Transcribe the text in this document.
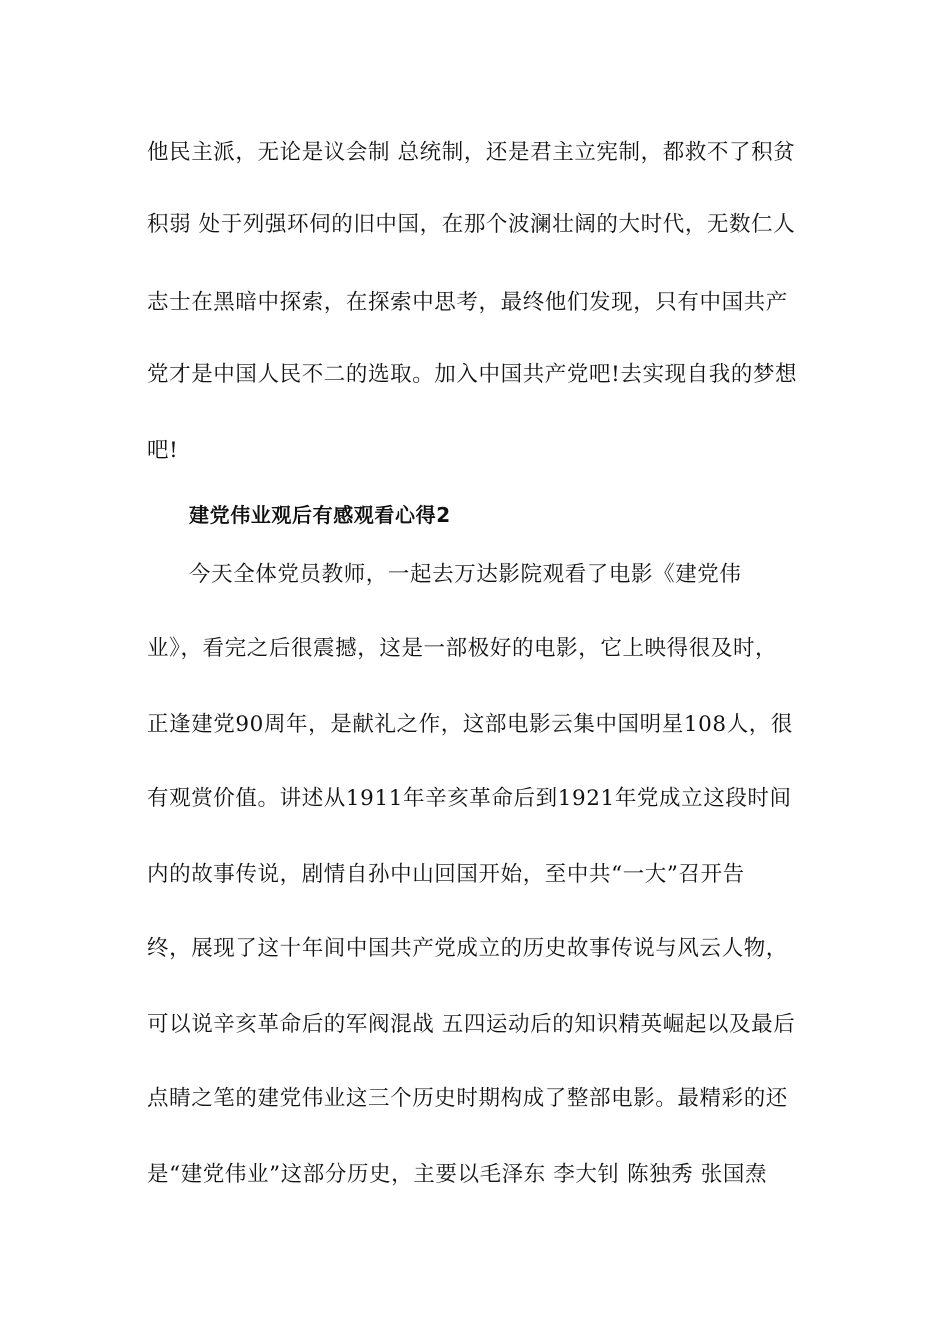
他民主派，无论是议会制 总统制，还是君主立宪制，都救不了积贫
积弱 处于列强环伺的旧中国，在那个波澜壮阔的大时代，无数仁人
志士在黑暗中探索，在探索中思考，最终他们发现，只有中国共产
党才是中国人民不二的选取。加入中国共产党吧!去实现自我的梦想
吧!
建党伟业观后有感观看心得2
今天全体党员教师，一起去万达影院观看了电影《建党伟
业》，看完之后很震撼，这是一部极好的电影，它上映得很及时，
正逢建党90周年，是献礼之作，这部电影云集中国明星108人，很
有观赏价值。讲述从1911年辛亥革命后到1921年党成立这段时间
内的故事传说，剧情自孙中山回国开始，至中共“一大”召开告
终，展现了这十年间中国共产党成立的历史故事传说与风云人物，
可以说辛亥革命后的军阀混战 五四运动后的知识精英崛起以及最后
点睛之笔的建党伟业这三个历史时期构成了整部电影。最精彩的还
是“建党伟业”这部分历史，主要以毛泽东 李大钊 陈独秀 张国焘
